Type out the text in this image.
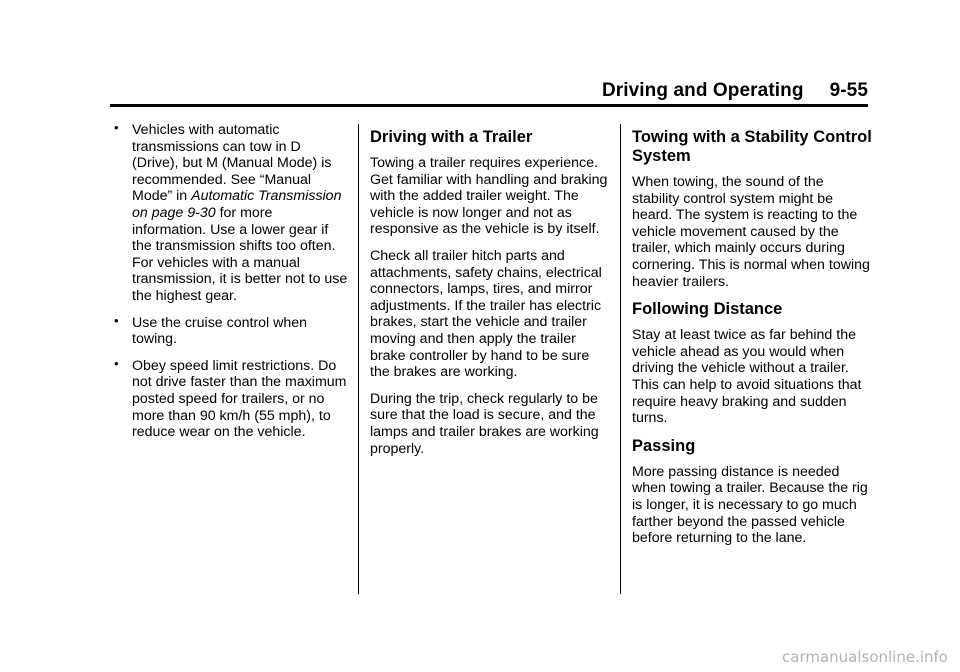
Driving and Operating 9-55
• Vehicles with automatic transmissions can tow in D (Drive), but M (Manual Mode) is recommended. See “Manual Mode” in Automatic Transmission on page 9-30 for more information. Use a lower gear if the transmission shifts too often. For vehicles with a manual transmission, it is better not to use the highest gear.
• Use the cruise control when towing.
• Obey speed limit restrictions. Do not drive faster than the maximum posted speed for trailers, or no more than 90 km/h (55 mph), to reduce wear on the vehicle.
Driving with a Trailer

Towing a trailer requires experience. Get familiar with handling and braking with the added trailer weight. The vehicle is now longer and not as responsive as the vehicle is by itself.

Check all trailer hitch parts and attachments, safety chains, electrical connectors, lamps, tires, and mirror adjustments. If the trailer has electric brakes, start the vehicle and trailer moving and then apply the trailer brake controller by hand to be sure the brakes are working.

During the trip, check regularly to be sure that the load is secure, and the lamps and trailer brakes are working properly.

Towing with a Stability Control System

When towing, the sound of the stability control system might be heard. The system is reacting to the vehicle movement caused by the trailer, which mainly occurs during cornering. This is normal when towing heavier trailers.

Following Distance

Stay at least twice as far behind the vehicle ahead as you would when driving the vehicle without a trailer. This can help to avoid situations that require heavy braking and sudden turns.

Passing

More passing distance is needed when towing a trailer. Because the rig is longer, it is necessary to go much farther beyond the passed vehicle before returning to the lane.

carmanualsonline.info
